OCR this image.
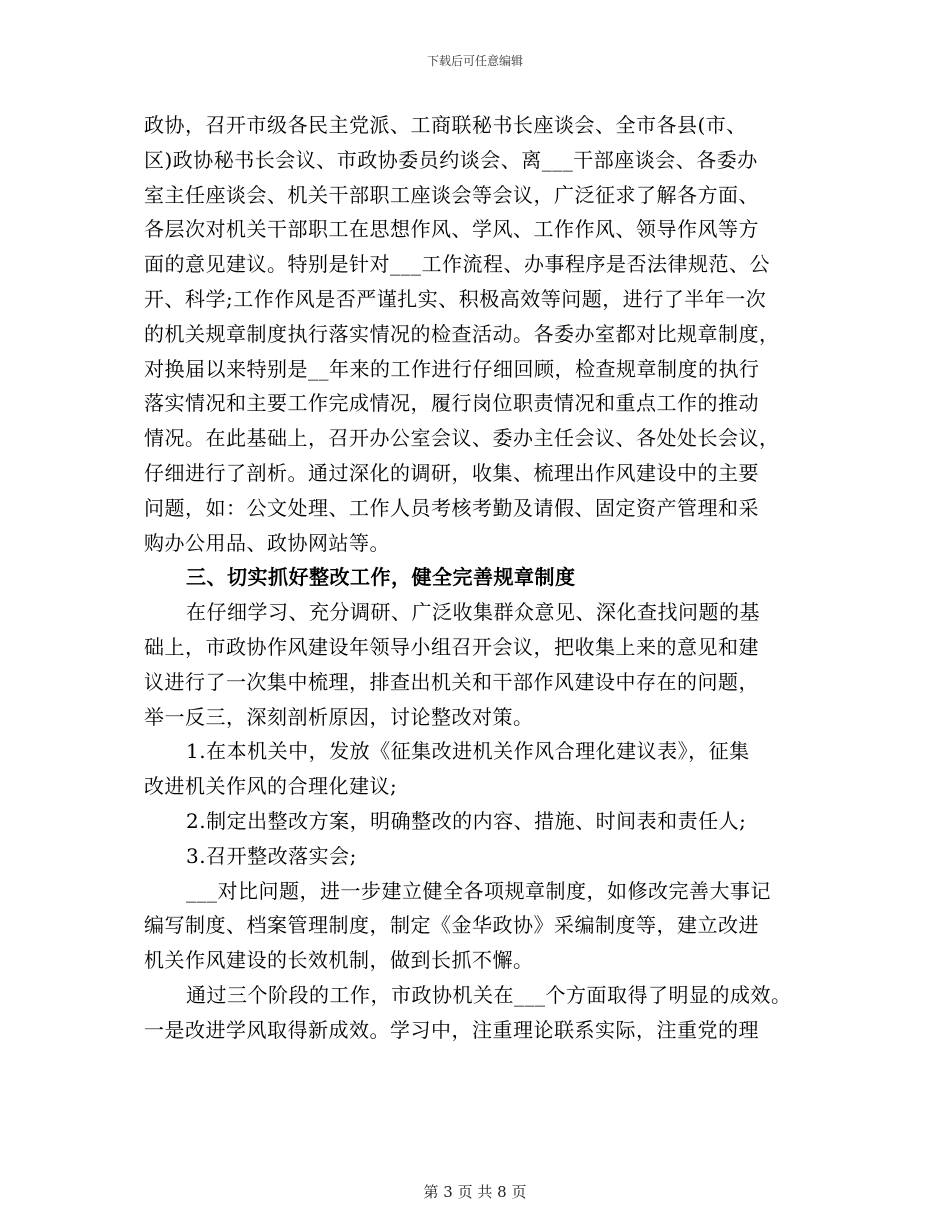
下载后可任意编辑
政协，召开市级各民主党派、工商联秘书长座谈会、全市各县(市、
区)政协秘书长会议、市政协委员约谈会、离___干部座谈会、各委办
室主任座谈会、机关干部职工座谈会等会议，广泛征求了解各方面、
各层次对机关干部职工在思想作风、学风、工作作风、领导作风等方
面的意见建议。特别是针对___工作流程、办事程序是否法律规范、公
开、科学;工作作风是否严谨扎实、积极高效等问题，进行了半年一次
的机关规章制度执行落实情况的检查活动。各委办室都对比规章制度，
对换届以来特别是__年来的工作进行仔细回顾，检查规章制度的执行
落实情况和主要工作完成情况，履行岗位职责情况和重点工作的推动
情况。在此基础上，召开办公室会议、委办主任会议、各处处长会议，
仔细进行了剖析。通过深化的调研，收集、梳理出作风建设中的主要
问题，如：公文处理、工作人员考核考勤及请假、固定资产管理和采
购办公用品、政协网站等。
三、切实抓好整改工作，健全完善规章制度
在仔细学习、充分调研、广泛收集群众意见、深化查找问题的基
础上，市政协作风建设年领导小组召开会议，把收集上来的意见和建
议进行了一次集中梳理，排查出机关和干部作风建设中存在的问题，
举一反三，深刻剖析原因，讨论整改对策。
1.在本机关中，发放《征集改进机关作风合理化建议表》，征集
改进机关作风的合理化建议;
2.制定出整改方案，明确整改的内容、措施、时间表和责任人;
3.召开整改落实会;
___对比问题，进一步建立健全各项规章制度，如修改完善大事记
编写制度、档案管理制度，制定《金华政协》采编制度等，建立改进
机关作风建设的长效机制，做到长抓不懈。
通过三个阶段的工作，市政协机关在___个方面取得了明显的成效。
一是改进学风取得新成效。学习中，注重理论联系实际，注重党的理
第 3 页 共 8 页
